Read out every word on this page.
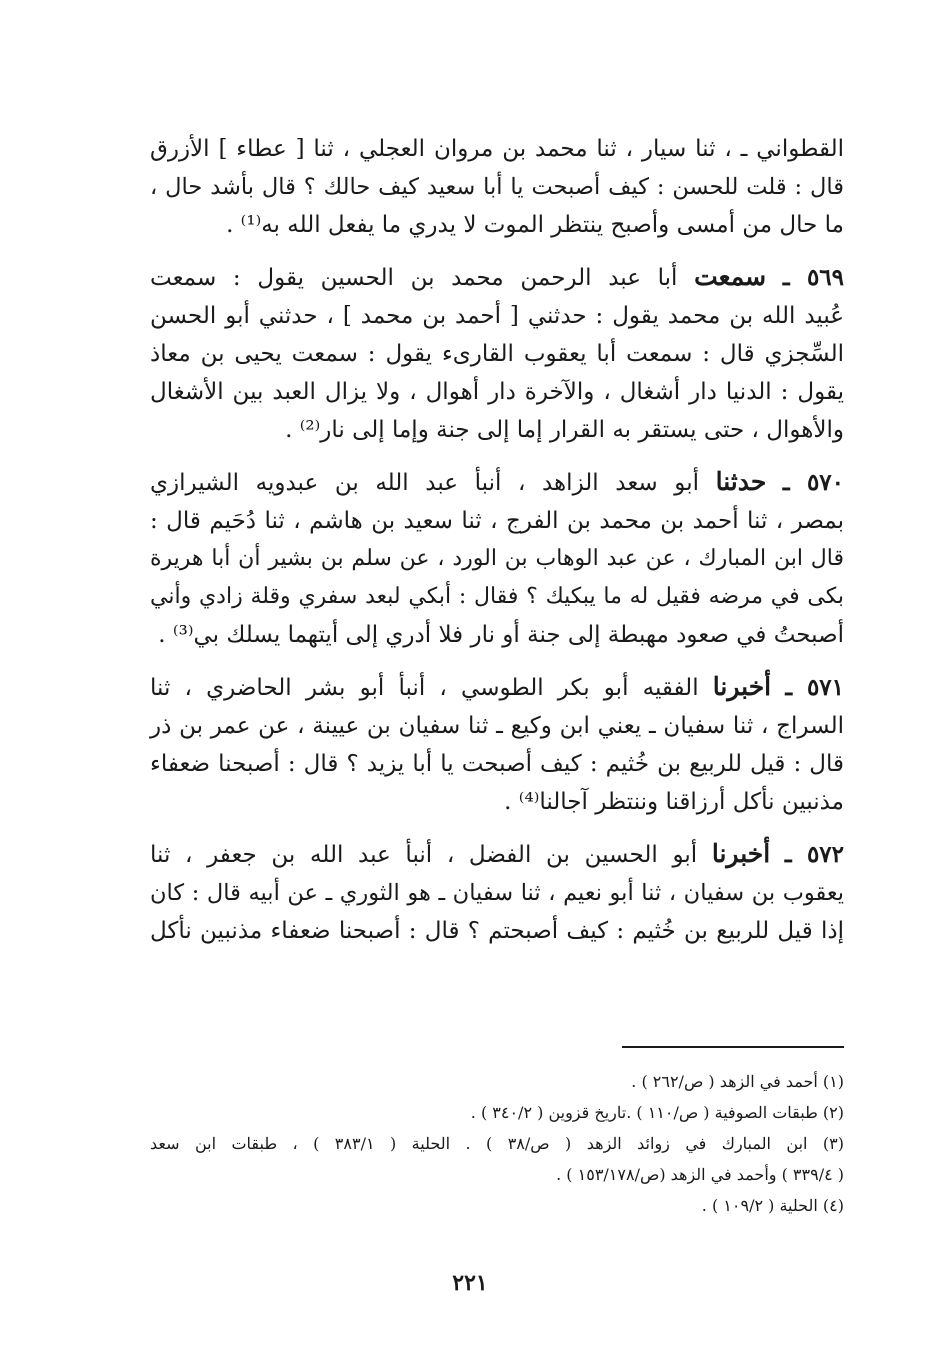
القطواني ـ ، ثنا سيار ، ثنا محمد بن مروان العجلي ، ثنا [ عطاء ] الأزرق
قال : قلت للحسن : كيف أصبحت يا أبا سعيد كيف حالك ؟ قال بأشد حال ،
ما حال من أمسى وأصبح ينتظر الموت لا يدري ما يفعل الله به⁽¹⁾ .
٥٦٩ ـ سمعت أبا عبد الرحمن محمد بن الحسين يقول : سمعت
عُبيد الله بن محمد يقول : حدثني [ أحمد بن محمد ] ، حدثني أبو الحسن
السِّجزي قال : سمعت أبا يعقوب القارىء يقول : سمعت يحيى بن معاذ
يقول : الدنيا دار أشغال ، والآخرة دار أهوال ، ولا يزال العبد بين الأشغال
والأهوال ، حتى يستقر به القرار إما إلى جنة وإما إلى نار⁽²⁾ .
٥٧٠ ـ حدثنا أبو سعد الزاهد ، أنبأ عبد الله بن عبدويه الشيرازي
بمصر ، ثنا أحمد بن محمد بن الفرج ، ثنا سعيد بن هاشم ، ثنا دُحَيم قال :
قال ابن المبارك ، عن عبد الوهاب بن الورد ، عن سلم بن بشير أن أبا هريرة
بكى في مرضه فقيل له ما يبكيك ؟ فقال : أبكي لبعد سفري وقلة زادي وأني
أصبحتُ في صعود مهبطة إلى جنة أو نار فلا أدري إلى أيتهما يسلك بي⁽³⁾ .
٥٧١ ـ أخبرنا الفقيه أبو بكر الطوسي ، أنبأ أبو بشر الحاضري ، ثنا
السراج ، ثنا سفيان ـ يعني ابن وكيع ـ ثنا سفيان بن عيينة ، عن عمر بن ذر
قال : قيل للربيع بن خُثيم : كيف أصبحت يا أبا يزيد ؟ قال : أصبحنا ضعفاء
مذنبين نأكل أرزاقنا وننتظر آجالنا⁽⁴⁾ .
٥٧٢ ـ أخبرنا أبو الحسين بن الفضل ، أنبأ عبد الله بن جعفر ، ثنا
يعقوب بن سفيان ، ثنا أبو نعيم ، ثنا سفيان ـ هو الثوري ـ عن أبيه قال : كان
إذا قيل للربيع بن خُثيم : كيف أصبحتم ؟ قال : أصبحنا ضعفاء مذنبين نأكل
(١) أحمد في الزهد ( ص/٢٦٢ ) .
(٢) طبقات الصوفية ( ص/١١٠ ) .تاريخ قزوين ( ٣٤٠/٢ ) .
(٣) ابن المبارك في زوائد الزهد ( ص/٣٨ ) . الحلية ( ٣٨٣/١ ) ، طبقات ابن سعد
( ٣٣٩/٤ ) وأحمد في الزهد (ص/١٥٣/١٧٨ ) .
(٤) الحلية ( ١٠٩/٢ ) .
٢٢١
